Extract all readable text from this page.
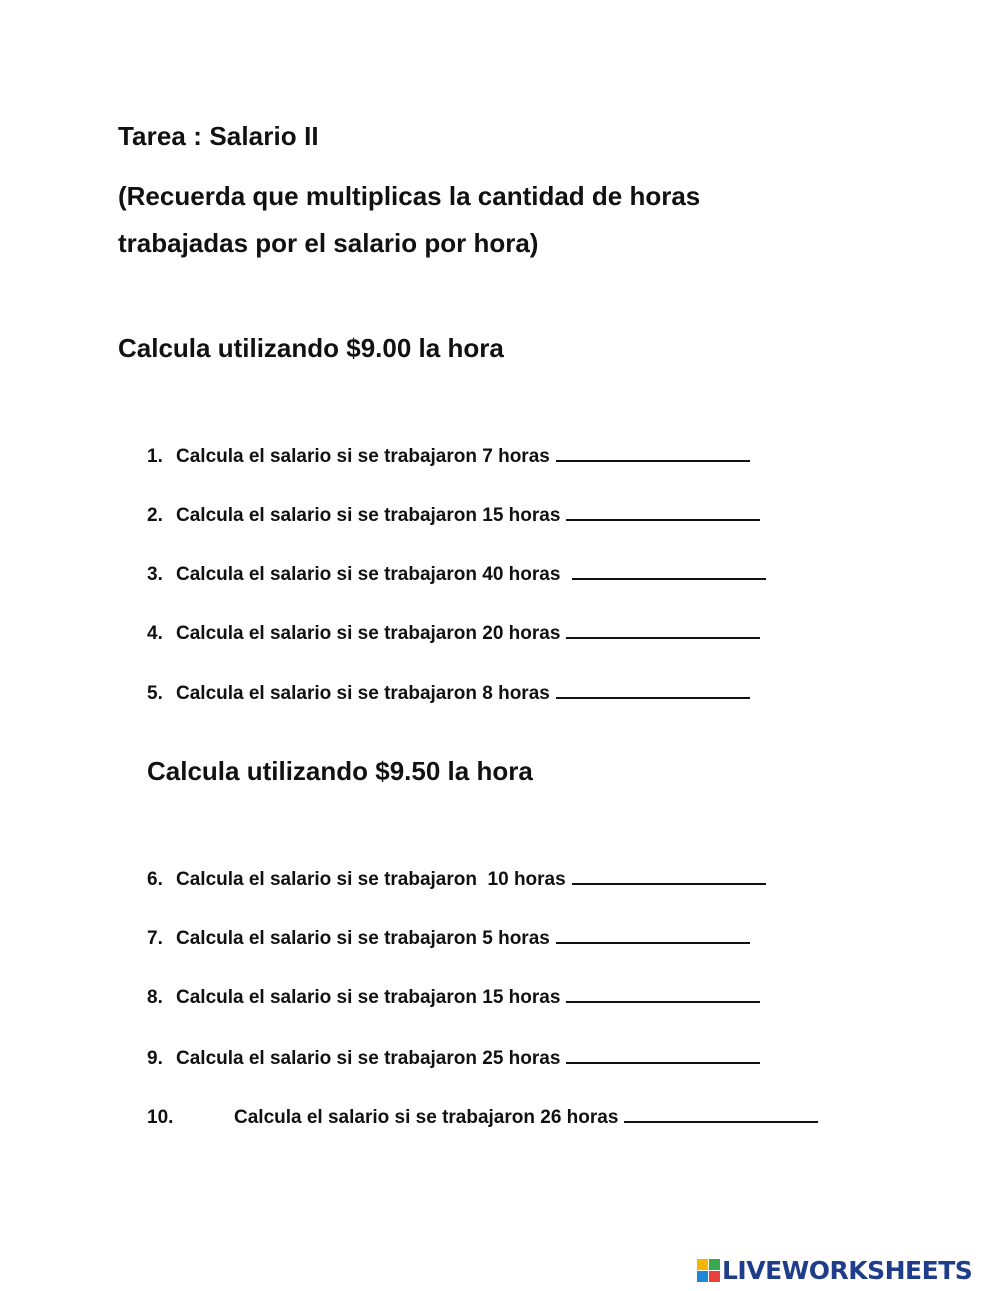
Tarea : Salario II
(Recuerda que multiplicas la cantidad de horas trabajadas por el salario por hora)
Calcula utilizando $9.00 la hora
1. Calcula el salario si se trabajaron 7 horas
2. Calcula el salario si se trabajaron 15 horas
3. Calcula el salario si se trabajaron 40 horas
4. Calcula el salario si se trabajaron 20 horas
5. Calcula el salario si se trabajaron 8 horas
Calcula utilizando $9.50 la hora
6. Calcula el salario si se trabajaron  10 horas
7. Calcula el salario si se trabajaron 5 horas
8. Calcula el salario si se trabajaron 15 horas
9. Calcula el salario si se trabajaron 25 horas
10.	Calcula el salario si se trabajaron 26 horas
LIVEWORKSHEETS
